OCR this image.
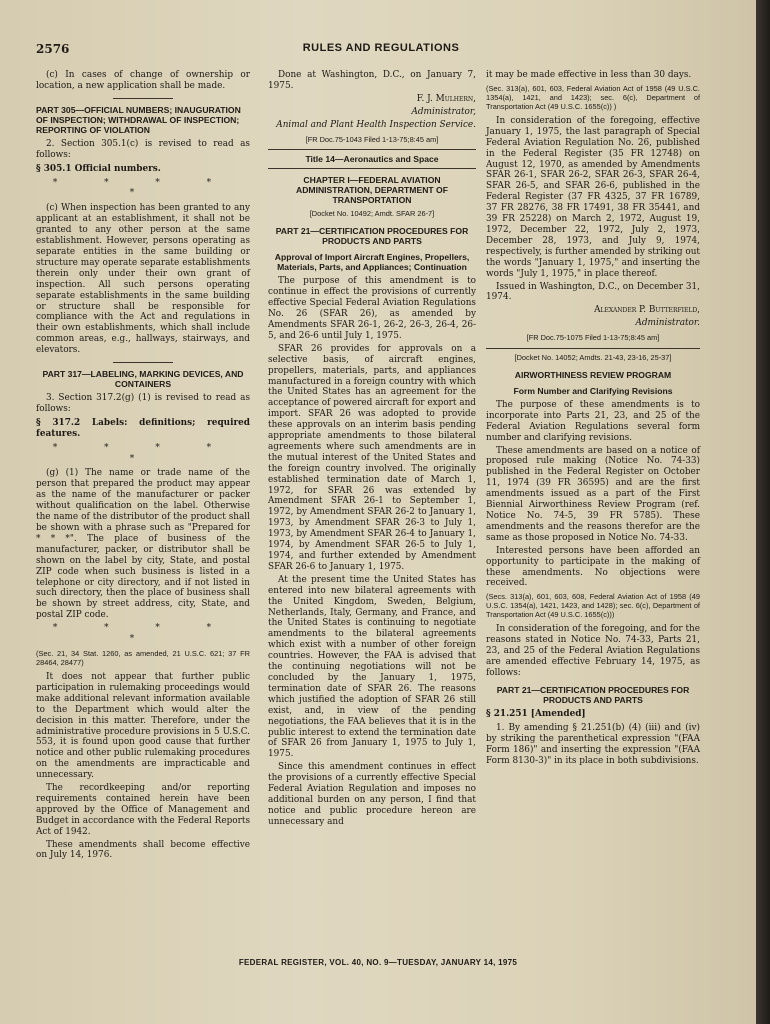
2576	RULES AND REGULATIONS

(c) In cases of change of ownership or location, a new application shall be made.

PART 305—OFFICIAL NUMBERS; INAUGURATION OF INSPECTION; WITHDRAWAL OF INSPECTION; REPORTING OF VIOLATION

2. Section 305.1(c) is revised to read as follows:

§ 305.1 Official numbers.

* * * * *

(c) When inspection has been granted to any applicant at an establishment, it shall not be granted to any other person at the same establishment. However, persons operating as separate entities in the same building or structure may operate separate establishments therein only under their own grant of inspection. All such persons operating separate establishments in the same building or structure shall be responsible for compliance with the Act and regulations in their own establishments, which shall include common areas, e.g., hallways, stairways, and elevators.

PART 317—LABELING, MARKING DEVICES, AND CONTAINERS

3. Section 317.2(g) (1) is revised to read as follows:

§ 317.2 Labels: definitions; required features.

* * * * *

(g) (1) The name or trade name of the person that prepared the product may appear as the name of the manufacturer or packer without qualification on the label. Otherwise the name of the distributor of the product shall be shown with a phrase such as "Prepared for * * *". The place of business of the manufacturer, packer, or distributor shall be shown on the label by city, State, and postal ZIP code when such business is listed in a telephone or city directory, and if not listed in such directory, then the place of business shall be shown by street address, city, State, and postal ZIP code.

* * * * *

(Sec. 21, 34 Stat. 1260, as amended, 21 U.S.C. 621; 37 FR 28464, 28477)

It does not appear that further public participation in rulemaking proceedings would make additional relevant information available to the Department which would alter the decision in this matter. Therefore, under the administrative procedure provisions in 5 U.S.C. 553, it is found upon good cause that further notice and other public rulemaking procedures on the amendments are impracticable and unnecessary.

The recordkeeping and/or reporting requirements contained herein have been approved by the Office of Management and Budget in accordance with the Federal Reports Act of 1942.

These amendments shall become effective on July 14, 1976.

Done at Washington, D.C., on January 7, 1975.

F. J. Mulhern,

Administrator,

Animal and Plant Health Inspection Service.

[FR Doc.75-1043 Filed 1-13-75;8:45 am]

Title 14—Aeronautics and Space
CHAPTER I—FEDERAL AVIATION ADMINISTRATION, DEPARTMENT OF TRANSPORTATION

[Docket No. 10492; Amdt. SFAR 26-7]

PART 21—CERTIFICATION PROCEDURES FOR PRODUCTS AND PARTS
Approval of Import Aircraft Engines, Propellers, Materials, Parts, and Appliances; Continuation

The purpose of this amendment is to continue in effect the provisions of currently effective Special Federal Aviation Regulations No. 26 (SFAR 26), as amended by Amendments SFAR 26-1, 26-2, 26-3, 26-4, 26-5, and 26-6 until July 1, 1975.

SFAR 26 provides for approvals on a selective basis, of aircraft engines, propellers, materials, parts, and appliances manufactured in a foreign country with which the United States has an agreement for the acceptance of powered aircraft for export and import. SFAR 26 was adopted to provide these approvals on an interim basis pending appropriate amendments to those bilateral agreements where such amendments are in the mutual interest of the United States and the foreign country involved. The originally established termination date of March 1, 1972, for SFAR 26 was extended by Amendment SFAR 26-1 to September 1, 1972, by Amendment SFAR 26-2 to January 1, 1973, by Amendment SFAR 26-3 to July 1, 1973, by Amendment SFAR 26-4 to January 1, 1974, by Amendment SFAR 26-5 to July 1, 1974, and further extended by Amendment SFAR 26-6 to January 1, 1975.

At the present time the United States has entered into new bilateral agreements with the United Kingdom, Sweden, Belgium, Netherlands, Italy, Germany, and France, and the United States is continuing to negotiate amendments to the bilateral agreements which exist with a number of other foreign countries. However, the FAA is advised that the continuing negotiations will not be concluded by the January 1, 1975, termination date of SFAR 26. The reasons which justified the adoption of SFAR 26 still exist, and, in view of the pending negotiations, the FAA believes that it is in the public interest to extend the termination date of SFAR 26 from January 1, 1975 to July 1, 1975.

Since this amendment continues in effect the provisions of a currently effective Special Federal Aviation Regulation and imposes no additional burden on any person, I find that notice and public procedure hereon are unnecessary and

it may be made effective in less than 30 days.

(Sec. 313(a), 601, 603, Federal Aviation Act of 1958 (49 U.S.C. 1354(a), 1421, and 1423); sec. 6(c), Department of Transportation Act (49 U.S.C. 1655(c)) )

In consideration of the foregoing, effective January 1, 1975, the last paragraph of Special Federal Aviation Regulation No. 26, published in the Federal Register (35 FR 12748) on August 12, 1970, as amended by Amendments SFAR 26-1, SFAR 26-2, SFAR 26-3, SFAR 26-4, SFAR 26-5, and SFAR 26-6, published in the Federal Register (37 FR 4325, 37 FR 16789, 37 FR 28276, 38 FR 17491, 38 FR 35441, and 39 FR 25228) on March 2, 1972, August 19, 1972, December 22, 1972, July 2, 1973, December 28, 1973, and July 9, 1974, respectively, is further amended by striking out the words "January 1, 1975," and inserting the words "July 1, 1975," in place thereof.

Issued in Washington, D.C., on December 31, 1974.

Alexander P. Butterfield,

Administrator.

[FR Doc.75-1075 Filed 1-13-75;8:45 am]

[Docket No. 14052; Amdts. 21-43, 23-16, 25-37]

AIRWORTHINESS REVIEW PROGRAM
Form Number and Clarifying Revisions

The purpose of these amendments is to incorporate into Parts 21, 23, and 25 of the Federal Aviation Regulations several form number and clarifying revisions.

These amendments are based on a notice of proposed rule making (Notice No. 74-33) published in the Federal Register on October 11, 1974 (39 FR 36595) and are the first amendments issued as a part of the First Biennial Airworthiness Review Program (ref. Notice No. 74-5, 39 FR 5785). These amendments and the reasons therefor are the same as those proposed in Notice No. 74-33.

Interested persons have been afforded an opportunity to participate in the making of these amendments. No objections were received.

(Secs. 313(a), 601, 603, 608, Federal Aviation Act of 1958 (49 U.S.C. 1354(a), 1421, 1423, and 1428); sec. 6(c), Department of Transportation Act (49 U.S.C. 1655(c)))

In consideration of the foregoing, and for the reasons stated in Notice No. 74-33, Parts 21, 23, and 25 of the Federal Aviation Regulations are amended effective February 14, 1975, as follows:

PART 21—CERTIFICATION PROCEDURES FOR PRODUCTS AND PARTS

§ 21.251 [Amended]

1. By amending § 21.251(b) (4) (iii) and (iv) by striking the parenthetical expression "(FAA Form 186)" and inserting the expression "(FAA Form 8130-3)" in its place in both subdivisions.

FEDERAL REGISTER, VOL. 40, NO. 9—TUESDAY, JANUARY 14, 1975
